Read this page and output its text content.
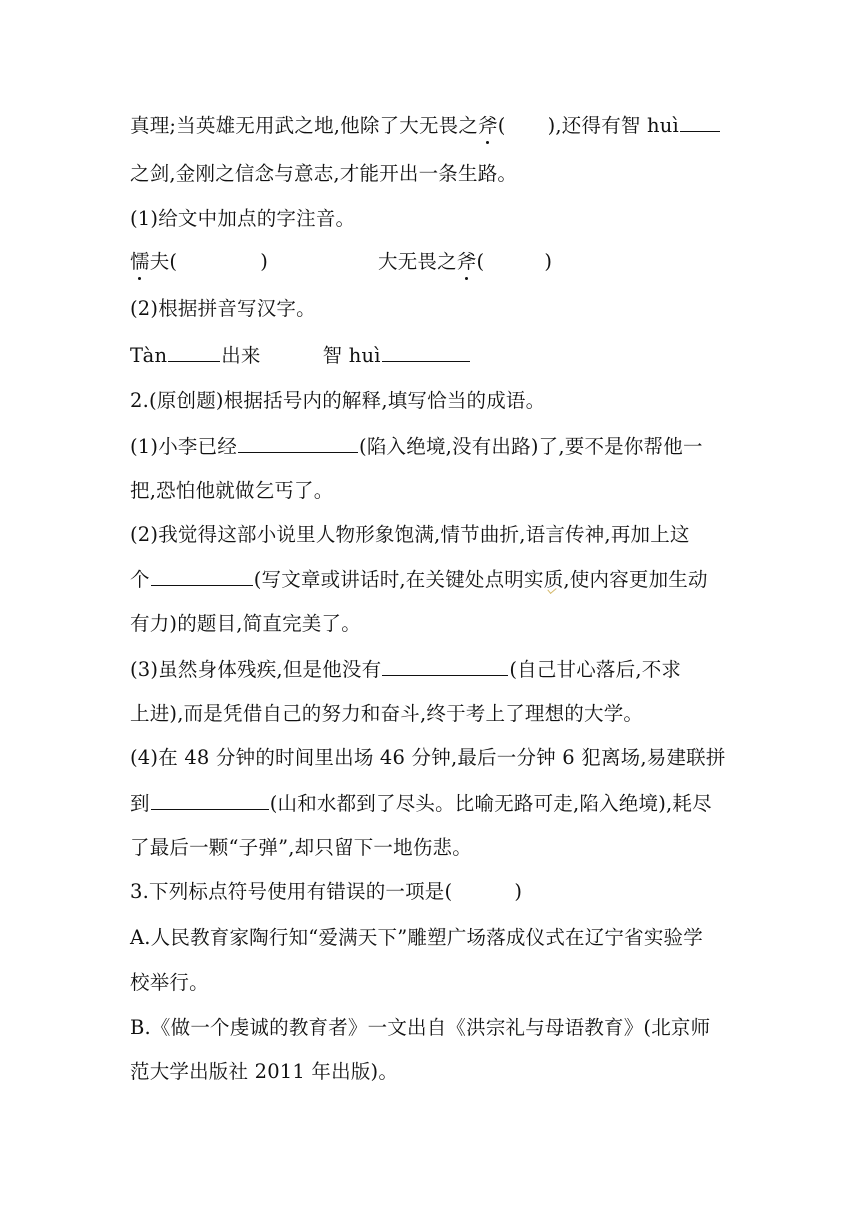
真理;当英雄无用武之地,他除了大无畏之斧( ),还得有智 huì
之剑,金刚之信念与意志,才能开出一条生路。
(1)给文中加点的字注音。
懦夫(	)	大无畏之斧(	)
(2)根据拼音写汉字。
Tàn	出来	智 huì
2.(原创题)根据括号内的解释,填写恰当的成语。
(1)小李已经	(陷入绝境,没有出路)了,要不是你帮他一
把,恐怕他就做乞丐了。
(2)我觉得这部小说里人物形象饱满,情节曲折,语言传神,再加上这
个	(写文章或讲话时,在关键处点明实质,使内容更加生动
有力)的题目,简直完美了。
(3)虽然身体残疾,但是他没有	(自己甘心落后,不求
上进),而是凭借自己的努力和奋斗,终于考上了理想的大学。
(4)在 48 分钟的时间里出场 46 分钟,最后一分钟 6 犯离场,易建联拼
到	(山和水都到了尽头。比喻无路可走,陷入绝境),耗尽
了最后一颗“子弹”,却只留下一地伤悲。
3.下列标点符号使用有错误的一项是(	)
A.人民教育家陶行知“爱满天下”雕塑广场落成仪式在辽宁省实验学
校举行。
B.《做一个虔诚的教育者》一文出自《洪宗礼与母语教育》(北京师
范大学出版社 2011 年出版)。
